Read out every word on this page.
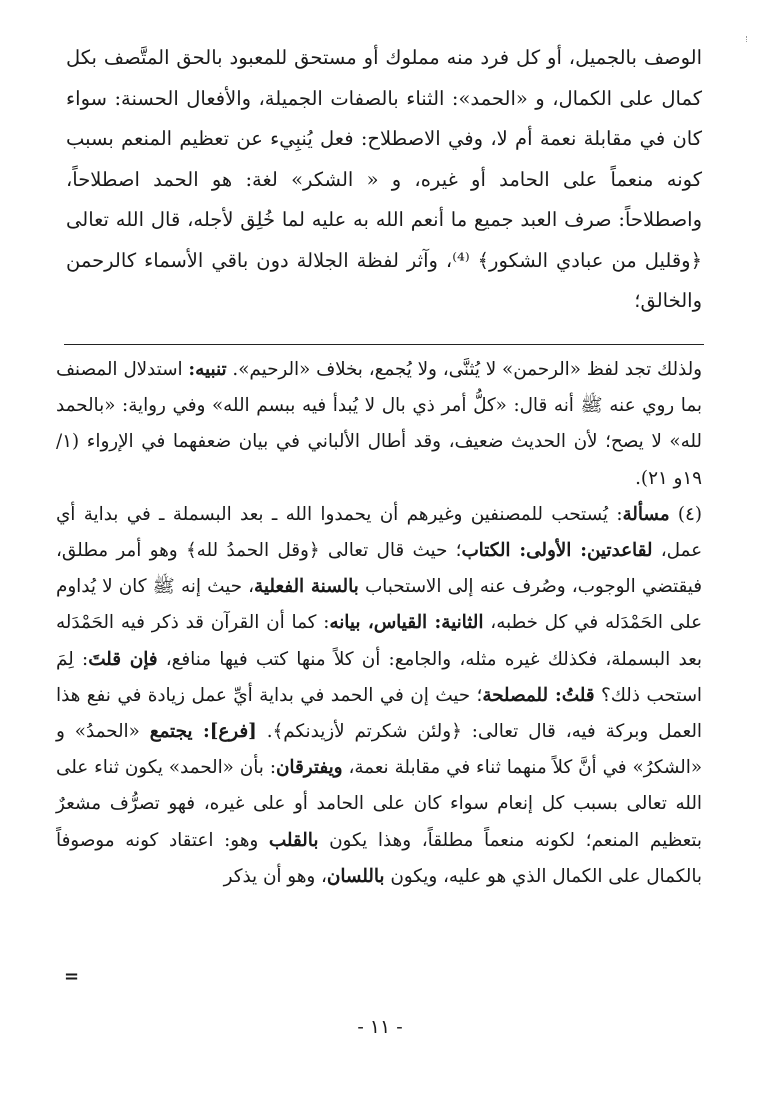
الوصف بالجميل، أو كل فرد منه مملوك أو مستحق للمعبود بالحق المتَّصف بكل كمال على الكمال، و «الحمد»: الثناء بالصفات الجميلة، والأفعال الحسنة: سواء كان في مقابلة نعمة أم لا، وفي الاصطلاح: فعل يُنبِيء عن تعظيم المنعم بسبب كونه منعماً على الحامد أو غيره، و « الشكر» لغة: هو الحمد اصطلاحاً، واصطلاحاً: صرف العبد جميع ما أنعم الله به عليه لما خُلِق لأجله، قال الله تعالى ﴿وقليل من عبادي الشكور﴾ ⁽⁴⁾، وآثر لفظة الجلالة دون باقي الأسماء كالرحمن والخالق؛

ولذلك تجد لفظ «الرحمن» لا يُثنَّى، ولا يُجمع، بخلاف «الرحيم». تنبيه: استدلال المصنف بما روي عنه ﷺ أنه قال: «كلُّ أمر ذي بال لا يُبدأ فيه ببسم الله» وفي رواية: «بالحمد لله» لا يصح؛ لأن الحديث ضعيف، وقد أطال الألباني في بيان ضعفهما في الإرواء (١/ ١٩و ٢١).

(٤) مسألة: يُستحب للمصنفين وغيرهم أن يحمدوا الله ـ بعد البسملة ـ في بداية أي عمل، لقاعدتين: الأولى: الكتاب؛ حيث قال تعالى ﴿وقل الحمدُ لله﴾ وهو أمر مطلق، فيقتضي الوجوب، وصُرف عنه إلى الاستحباب بالسنة الفعلية، حيث إنه ﷺ كان لا يُداوم على الحَمْدَله في كل خطبه، الثانية: القياس، بيانه: كما أن القرآن قد ذكر فيه الحَمْدَله بعد البسملة، فكذلك غيره مثله، والجامع: أن كلاً منها كتب فيها منافع، فإن قلتَ: لِمَ استحب ذلك؟ قلتُ: للمصلحة؛ حيث إن في الحمد في بداية أيِّ عمل زيادة في نفع هذا العمل وبركة فيه، قال تعالى: ﴿ولئن شكرتم لأزيدنكم﴾. [فرع]: يجتمع «الحمدُ» و «الشكرُ» في أنَّ كلاً منهما ثناء في مقابلة نعمة، ويفترقان: بأن «الحمد» يكون ثناء على الله تعالى بسبب كل إنعام سواء كان على الحامد أو على غيره، فهو تصرُّف مشعرٌ بتعظيم المنعم؛ لكونه منعماً مطلقاً، وهذا يكون بالقلب وهو: اعتقاد كونه موصوفاً بالكمال على الكمال الذي هو عليه، ويكون باللسان، وهو أن يذكر

=
- ١١ -
